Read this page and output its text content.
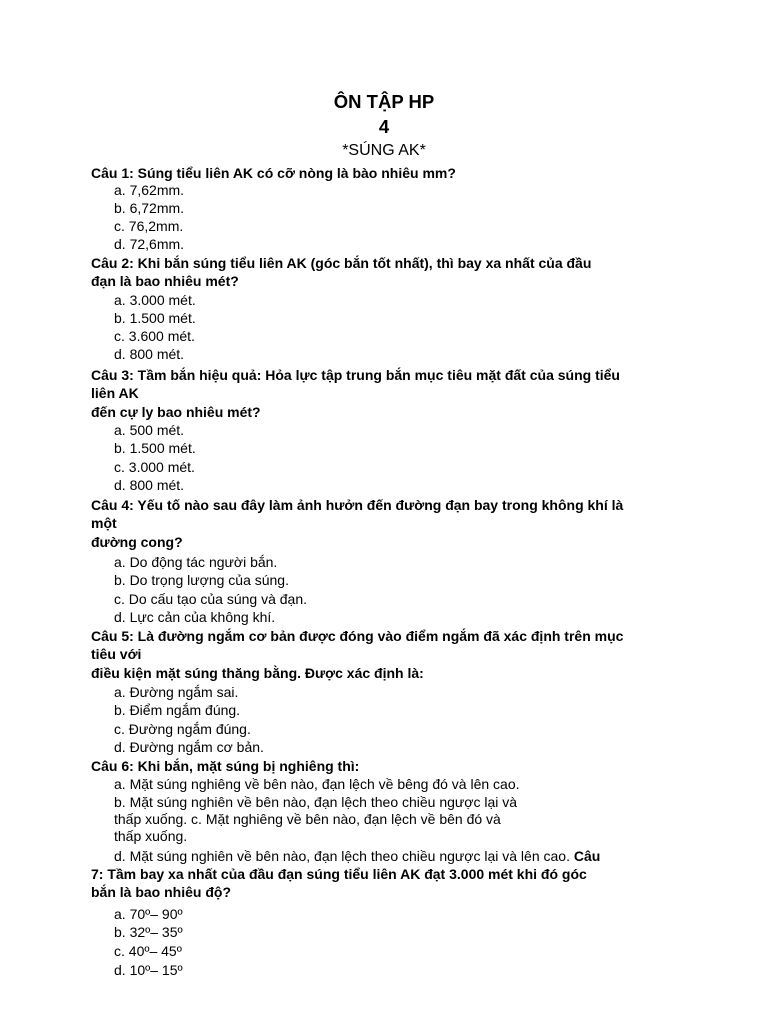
ÔN TẬP HP
4
*SÚNG AK*
Câu 1: Súng tiểu liên AK có cỡ nòng là bào nhiêu mm?
a. 7,62mm.
b. 6,72mm.
c. 76,2mm.
d. 72,6mm.
Câu 2: Khi bắn súng tiểu liên AK (góc bắn tốt nhất), thì bay xa nhất của đầu
đạn là bao nhiêu mét?
a. 3.000 mét.
b. 1.500 mét.
c. 3.600 mét.
d. 800 mét.
Câu 3: Tầm bắn hiệu quả: Hỏa lực tập trung bắn mục tiêu mặt đất của súng tiểu
liên AK
đến cự ly bao nhiêu mét?
a. 500 mét.
b. 1.500 mét.
c. 3.000 mét.
d. 800 mét.
Câu 4: Yếu tố nào sau đây làm ảnh hưởn đến đường đạn bay trong không khí là
một
đường cong?
a. Do động tác người bắn.
b. Do trọng lượng của súng.
c. Do cấu tạo của súng và đạn.
d. Lực cản của không khí.
Câu 5: Là đường ngắm cơ bản được đóng vào điểm ngắm đã xác định trên mục
tiêu với
điều kiện mặt súng thăng bằng. Được xác định là:
a. Đường ngắm sai.
b. Điểm ngắm đúng.
c. Đường ngắm đúng.
d. Đường ngắm cơ bản.
Câu 6: Khi bắn, mặt súng bị nghiêng thì:
a. Mặt súng nghiêng về bên nào, đạn lệch về bêng đó và lên cao.
b. Mặt súng nghiên về bên nào, đạn lệch theo chiều ngược lại và
thấp xuống. c. Mặt nghiêng về bên nào, đạn lệch về bên đó và
thấp xuống.
d. Mặt súng nghiên về bên nào, đạn lệch theo chiều ngược lại và lên cao. Câu
7: Tầm bay xa nhất của đầu đạn súng tiểu liên AK đạt 3.000 mét khi đó góc
bắn là bao nhiêu độ?
a. 70º– 90º
b. 32º– 35º
c. 40º– 45º
d. 10º– 15º
